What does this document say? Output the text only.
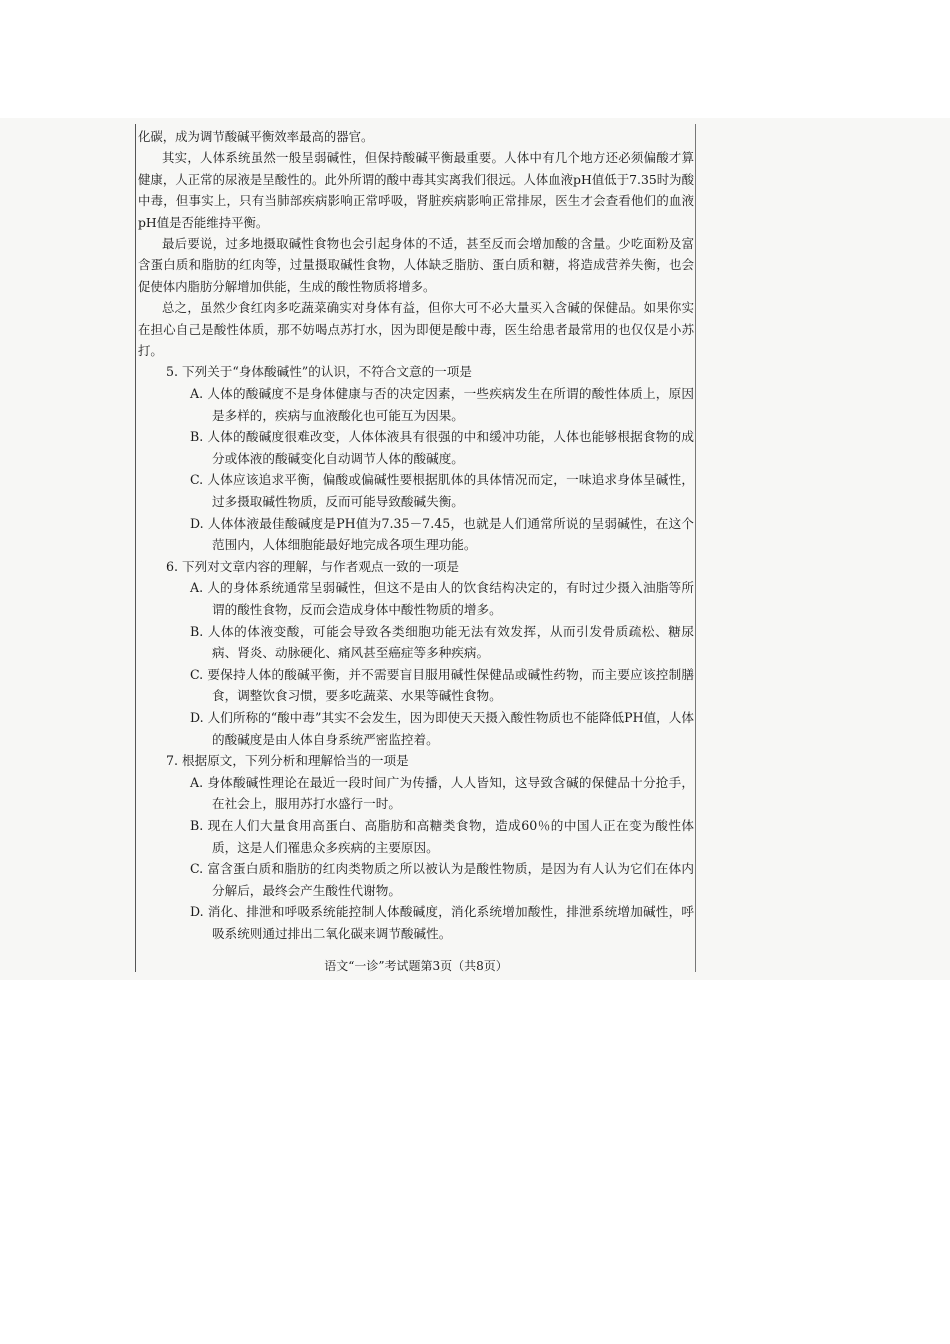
化碳，成为调节酸碱平衡效率最高的器官。

其实，人体系统虽然一般呈弱碱性，但保持酸碱平衡最重要。人体中有几个地方还必须偏酸才算健康，人正常的尿液是呈酸性的。此外所谓的酸中毒其实离我们很远。人体血液pH值低于7.35时为酸中毒，但事实上，只有当肺部疾病影响正常呼吸，肾脏疾病影响正常排尿，医生才会查看他们的血液pH值是否能维持平衡。

最后要说，过多地摄取碱性食物也会引起身体的不适，甚至反而会增加酸的含量。少吃面粉及富含蛋白质和脂肪的红肉等，过量摄取碱性食物，人体缺乏脂肪、蛋白质和糖，将造成营养失衡，也会促使体内脂肪分解增加供能，生成的酸性物质将增多。

总之，虽然少食红肉多吃蔬菜确实对身体有益，但你大可不必大量买入含碱的保健品。如果你实在担心自己是酸性体质，那不妨喝点苏打水，因为即便是酸中毒，医生给患者最常用的也仅仅是小苏打。

5. 下列关于“身体酸碱性”的认识，不符合文意的一项是

A. 人体的酸碱度不是身体健康与否的决定因素，一些疾病发生在所谓的酸性体质上，原因是多样的，疾病与血液酸化也可能互为因果。

B. 人体的酸碱度很难改变，人体体液具有很强的中和缓冲功能，人体也能够根据食物的成分或体液的酸碱变化自动调节人体的酸碱度。

C. 人体应该追求平衡，偏酸或偏碱性要根据肌体的具体情况而定，一味追求身体呈碱性，过多摄取碱性物质，反而可能导致酸碱失衡。

D. 人体体液最佳酸碱度是PH值为7.35－7.45，也就是人们通常所说的呈弱碱性，在这个范围内，人体细胞能最好地完成各项生理功能。

6. 下列对文章内容的理解，与作者观点一致的一项是

A. 人的身体系统通常呈弱碱性，但这不是由人的饮食结构决定的，有时过少摄入油脂等所谓的酸性食物，反而会造成身体中酸性物质的增多。

B. 人体的体液变酸，可能会导致各类细胞功能无法有效发挥，从而引发骨质疏松、糖尿病、肾炎、动脉硬化、痛风甚至癌症等多种疾病。

C. 要保持人体的酸碱平衡，并不需要盲目服用碱性保健品或碱性药物，而主要应该控制膳食，调整饮食习惯，要多吃蔬菜、水果等碱性食物。

D. 人们所称的“酸中毒”其实不会发生，因为即使天天摄入酸性物质也不能降低PH值，人体的酸碱度是由人体自身系统严密监控着。

7. 根据原文，下列分析和理解恰当的一项是

A. 身体酸碱性理论在最近一段时间广为传播，人人皆知，这导致含碱的保健品十分抢手，在社会上，服用苏打水盛行一时。

B. 现在人们大量食用高蛋白、高脂肪和高糖类食物，造成60％的中国人正在变为酸性体质，这是人们罹患众多疾病的主要原因。

C. 富含蛋白质和脂肪的红肉类物质之所以被认为是酸性物质，是因为有人认为它们在体内分解后，最终会产生酸性代谢物。

D. 消化、排泄和呼吸系统能控制人体酸碱度，消化系统增加酸性，排泄系统增加碱性，呼吸系统则通过排出二氧化碳来调节酸碱性。

语文“一诊”考试题第3页（共8页）
